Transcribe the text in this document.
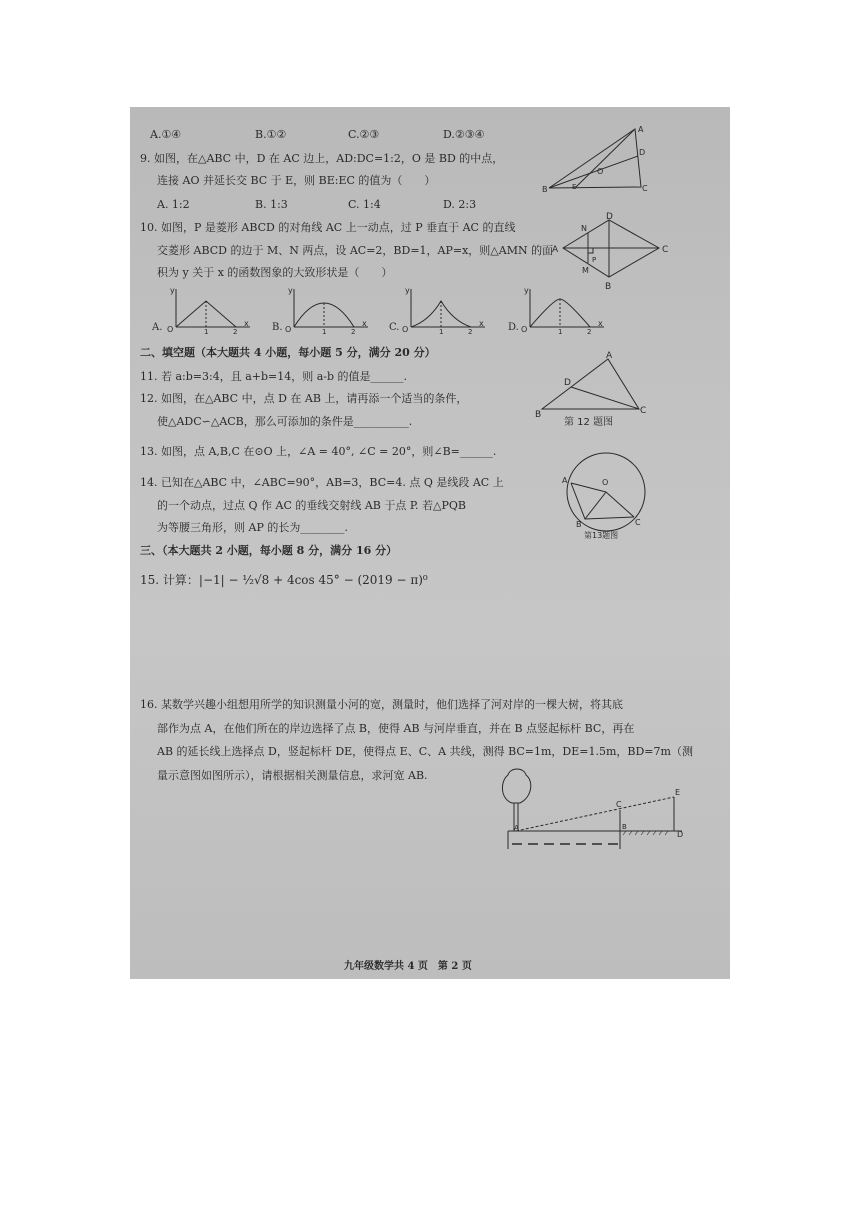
A.①④	B.①②	C.②③	D.②③④
9. 如图，在△ABC 中，D 在 AC 边上，AD:DC=1:2，O 是 BD 的中点，
连接 AO 并延长交 BC 于 E，则 BE:EC 的值为（　　）
A. 1:2	B. 1:3	C. 1:4	D. 2:3
A
B	C
D
E
O
10. 如图，P 是菱形 ABCD 的对角线 AC 上一动点，过 P 垂直于 AC 的直线
交菱形 ABCD 的边于 M、N 两点，设 AC=2，BD=1，AP=x，则△AMN 的面
积为 y 关于 x 的函数图象的大致形状是（　　）
A
B
C
D
M
N
P
A.	B.	C.	D.
y
O	1	2
x
y
O	1	2
x
y
O	1	2
x
y
O	1	2
x
二、填空题（本大题共 4 小题，每小题 5 分，满分 20 分）
11. 若 a:b=3:4，且 a+b=14，则 a-b 的值是______.
12. 如图，在△ABC 中，点 D 在 AB 上，请再添一个适当的条件，
使△ADC∽△ACB，那么可添加的条件是__________.
A
B	C
D
第 12 题图
13. 如图，点 A,B,C 在⊙O 上，∠A = 40°, ∠C = 20°，则∠B=______.
A
B	C
O
第13题图
14. 已知在△ABC 中，∠ABC=90°，AB=3，BC=4. 点 Q 是线段 AC 上
的一个动点，过点 Q 作 AC 的垂线交射线 AB 于点 P. 若△PQB
为等腰三角形，则 AP 的长为________.
三、（本大题共 2 小题，每小题 8 分，满分 16 分）
15. 计算：|−1| − ½√8 + 4cos 45° − (2019 − π)⁰
16. 某数学兴趣小组想用所学的知识测量小河的宽，测量时，他们选择了河对岸的一棵大树，将其底
部作为点 A，在他们所在的岸边选择了点 B，使得 AB 与河岸垂直，并在 B 点竖起标杆 BC，再在
AB 的延长线上选择点 D，竖起标杆 DE，使得点 E、C、A 共线，测得 BC=1m，DE=1.5m，BD=7m（测
量示意图如图所示），请根据相关测量信息，求河宽 AB.
A	B
C
D
E
九年级数学共 4 页　第 2 页
